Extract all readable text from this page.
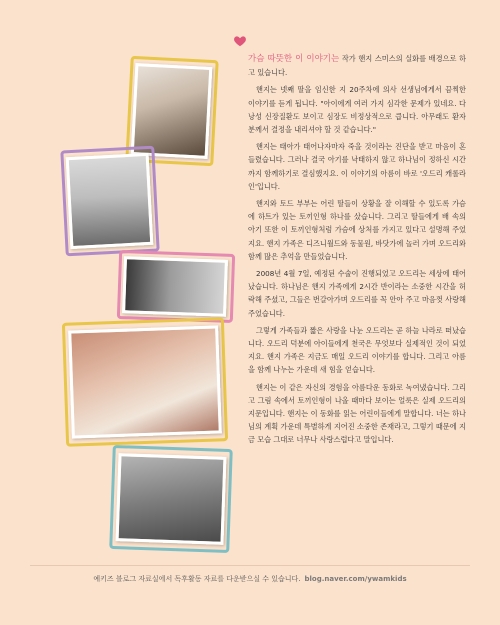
가슴 따뜻한 이 이야기는 작가 핸지 스미스의 실화를 배경으로 하고 있습니다.

핸지는 넷째 딸을 임신한 지 20주차에 의사 선생님에게서 끔찍한 이야기를 듣게 됩니다. "아이에게 여러 가지 심각한 문제가 있네요. 다낭성 신장질환도 보이고 심장도 비정상적으로 큽니다. 아무래도 환자분께서 결정을 내리셔야 할 것 같습니다."

핸지는 태아가 태어나자마자 죽을 것이라는 진단을 받고 마음이 혼들렸습니다. 그러나 결국 아기를 낙태하지 않고 하나님이 정하신 시간까지 함께하기로 결심했지요. 이 이야기의 아름이 바로 '오드리 캐롤라인'입니다.

핸지와 토드 부부는 어린 딸들이 상황을 잘 이해할 수 있도록 가슴에 하트가 있는 토끼인형 하나를 샀습니다. 그리고 딸들에게 배 속의 아기 또한 이 토끼인형처럼 가슴에 상처를 가지고 있다고 설명해 주었지요. 핸지 가족은 디즈니월드와 동물원, 바닷가에 놀러 가며 오드리와 함께 많은 추억을 만들었습니다.

2008년 4월 7일, 예정된 수술이 진행되었고 오드리는 세상에 태어났습니다. 하나님은 핸지 가족에게 2시간 반이라는 소중한 시간을 허락해 주셨고, 그들은 번갈아가며 오드리를 꼭 안아 주고 마음껏 사랑해 주었습니다.

그렇게 가족들과 짧은 사랑을 나눈 오드리는 곧 하늘 나라로 떠났습니다. 오드리 덕분에 아이들에게 천국은 무엇보다 실제적인 것이 되었지요. 핸지 가족은 지금도 매일 오드리 이야기를 합니다. 그리고 아름을 함께 나누는 가운데 새 힘을 얻습니다.

핸지는 이 같은 자신의 경험을 아름다운 동화로 녹여냈습니다. 그리고 그림 속에서 토끼인형이 나올 때마다 보이는 얼룩은 실제 오드리의 지문입니다. 핸지는 이 동화를 읽는 어린이들에게 말합니다. 너는 하나님의 계획 가운데 특별하게 지어진 소중한 존재라고, 그렇기 때문에 지금 모습 그대로 너무나 사랑스럽다고 말입니다.

예키즈 블로그 자료실에서 독후활동 자료를 다운받으실 수 있습니다. blog.naver.com/ywamkids
